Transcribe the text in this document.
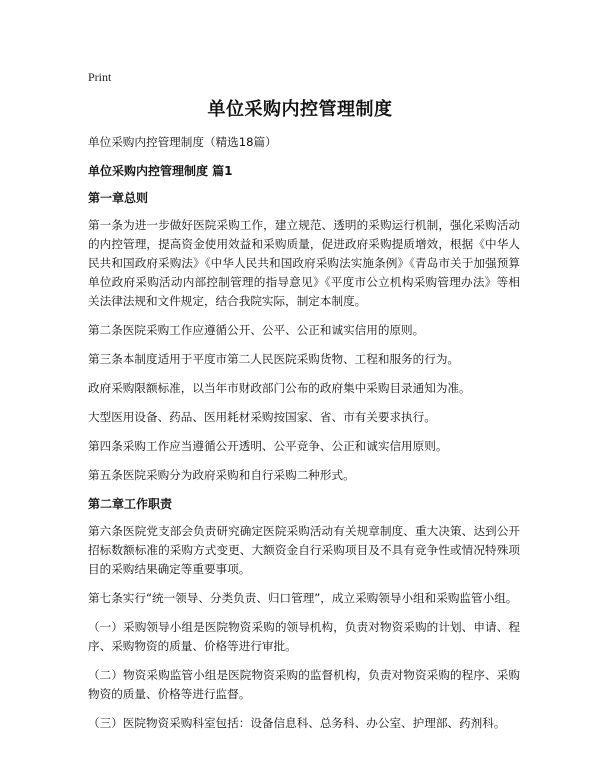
Print
单位采购内控管理制度

单位采购内控管理制度（精选18篇）

单位采购内控管理制度 篇1

第一章总则

第一条为进一步做好医院采购工作，建立规范、透明的采购运行机制，强化采购活动的内控管理，提高资金使用效益和采购质量，促进政府采购提质增效，根据《中华人民共和国政府采购法》《中华人民共和国政府采购法实施条例》《青岛市关于加强预算单位政府采购活动内部控制管理的指导意见》《平度市公立机构采购管理办法》等相关法律法规和文件规定，结合我院实际，制定本制度。

第二条医院采购工作应遵循公开、公平、公正和诚实信用的原则。

第三条本制度适用于平度市第二人民医院采购货物、工程和服务的行为。

政府采购限额标准，以当年市财政部门公布的政府集中采购目录通知为准。

大型医用设备、药品、医用耗材采购按国家、省、市有关要求执行。

第四条采购工作应当遵循公开透明、公平竞争、公正和诚实信用原则。

第五条医院采购分为政府采购和自行采购二种形式。

第二章工作职责

第六条医院党支部会负责研究确定医院采购活动有关规章制度、重大决策、达到公开招标数额标准的采购方式变更、大额资金自行采购项目及不具有竞争性或情况特殊项目的采购结果确定等重要事项。

第七条实行“统一领导、分类负责、归口管理”，成立采购领导小组和采购监管小组。

（一）采购领导小组是医院物资采购的领导机构，负责对物资采购的计划、申请、程序、采购物资的质量、价格等进行审批。

（二）物资采购监管小组是医院物资采购的监督机构，负责对物资采购的程序、采购物资的质量、价格等进行监督。

（三）医院物资采购科室包括：设备信息科、总务科、办公室、护理部、药剂科。
